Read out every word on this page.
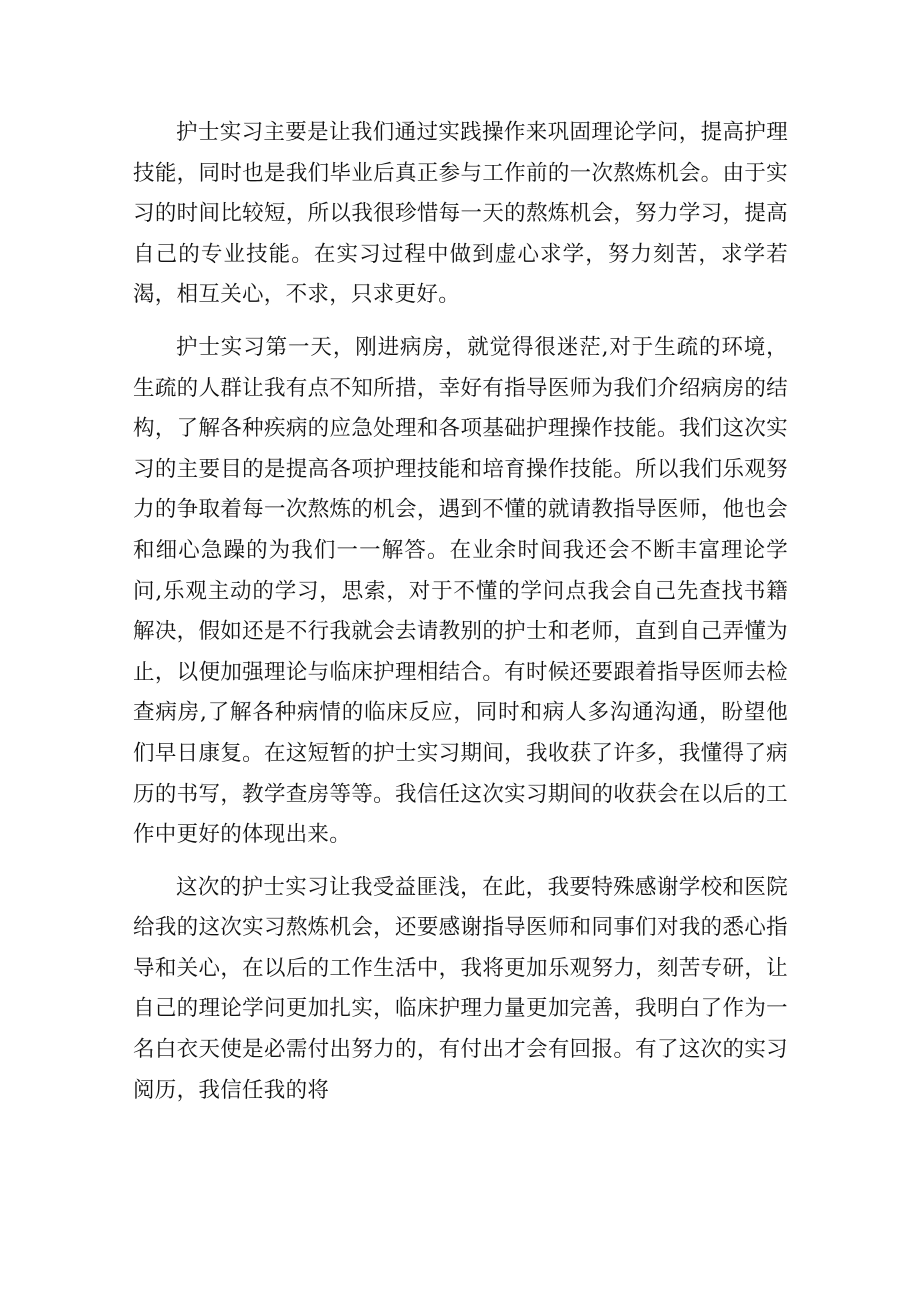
护士实习主要是让我们通过实践操作来巩固理论学问，提高护理技能，同时也是我们毕业后真正参与工作前的一次熬炼机会。由于实习的时间比较短，所以我很珍惜每一天的熬炼机会，努力学习，提高自己的专业技能。在实习过程中做到虚心求学，努力刻苦，求学若渴，相互关心，不求，只求更好。

护士实习第一天，刚进病房，就觉得很迷茫,对于生疏的环境，生疏的人群让我有点不知所措，幸好有指导医师为我们介绍病房的结构，了解各种疾病的应急处理和各项基础护理操作技能。我们这次实习的主要目的是提高各项护理技能和培育操作技能。所以我们乐观努力的争取着每一次熬炼的机会，遇到不懂的就请教指导医师，他也会和细心急躁的为我们一一解答。在业余时间我还会不断丰富理论学问,乐观主动的学习，思索，对于不懂的学问点我会自己先查找书籍解决，假如还是不行我就会去请教别的护士和老师，直到自己弄懂为止，以便加强理论与临床护理相结合。有时候还要跟着指导医师去检查病房,了解各种病情的临床反应，同时和病人多沟通沟通，盼望他们早日康复。在这短暂的护士实习期间，我收获了许多，我懂得了病历的书写，教学查房等等。我信任这次实习期间的收获会在以后的工作中更好的体现出来。

这次的护士实习让我受益匪浅，在此，我要特殊感谢学校和医院给我的这次实习熬炼机会，还要感谢指导医师和同事们对我的悉心指导和关心，在以后的工作生活中，我将更加乐观努力，刻苦专研，让自己的理论学问更加扎实，临床护理力量更加完善，我明白了作为一名白衣天使是必需付出努力的，有付出才会有回报。有了这次的实习阅历，我信任我的将
